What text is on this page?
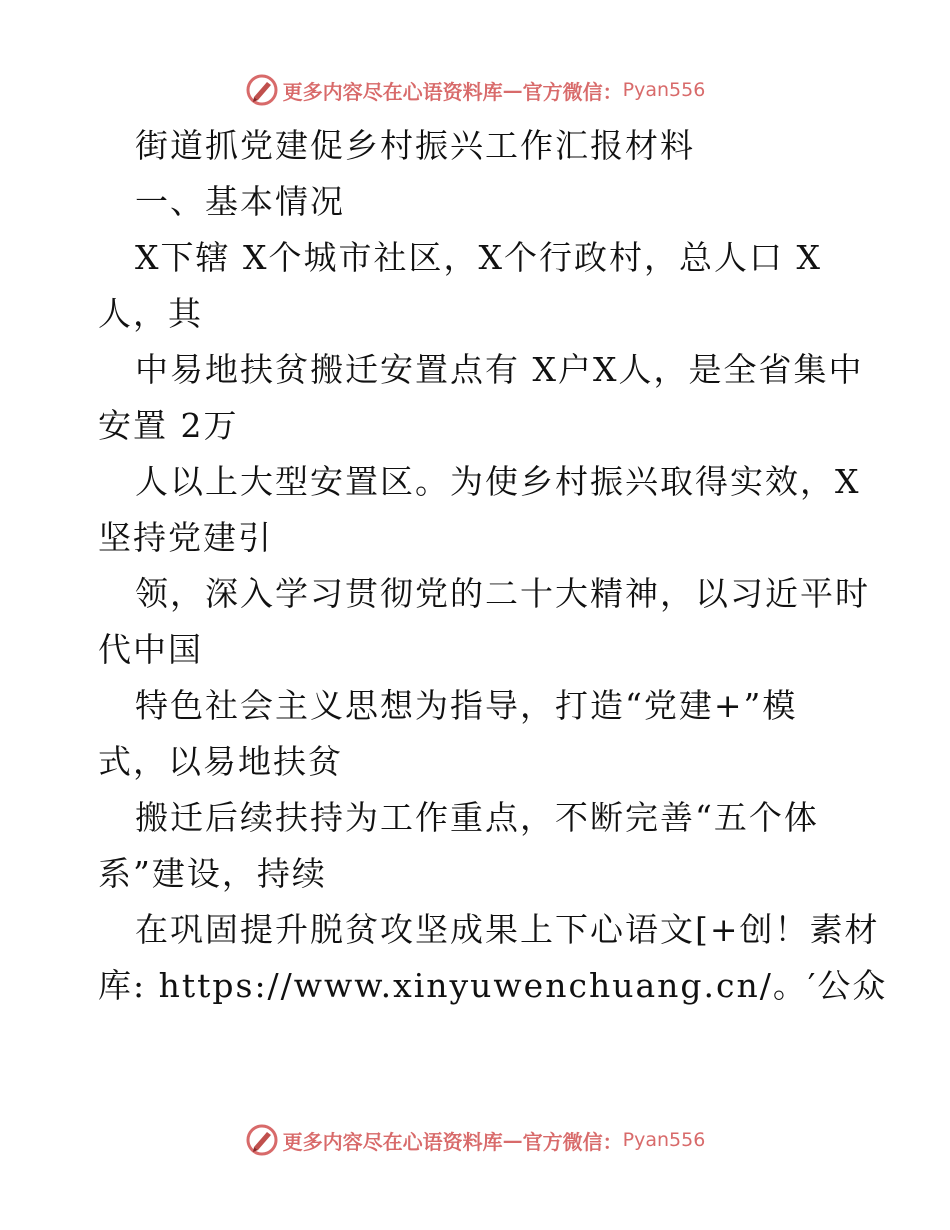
更多内容尽在心语资料库 — 官方微信： Pyan556
街道抓党建促乡村振兴工作汇报材料
一、基本情况
X下辖 X个城市社区，X个行政村，总人口 X
人，其
中易地扶贫搬迁安置点有 X户X人，是全省集中
安置 2万
人以上大型安置区。为使乡村振兴取得实效，X
坚持党建引
领，深入学习贯彻党的二十大精神，以习近平时
代中国
特色社会主义思想为指导，打造“党建+”模
式，以易地扶贫
搬迁后续扶持为工作重点，不断完善“五个体
系”建设，持续
在巩固提升脱贫攻坚成果上下心语文[+创！素材
库: https://www.xinyuwenchuang.cn/。′公众
更多内容尽在心语资料库 — 官方微信： Pyan556
